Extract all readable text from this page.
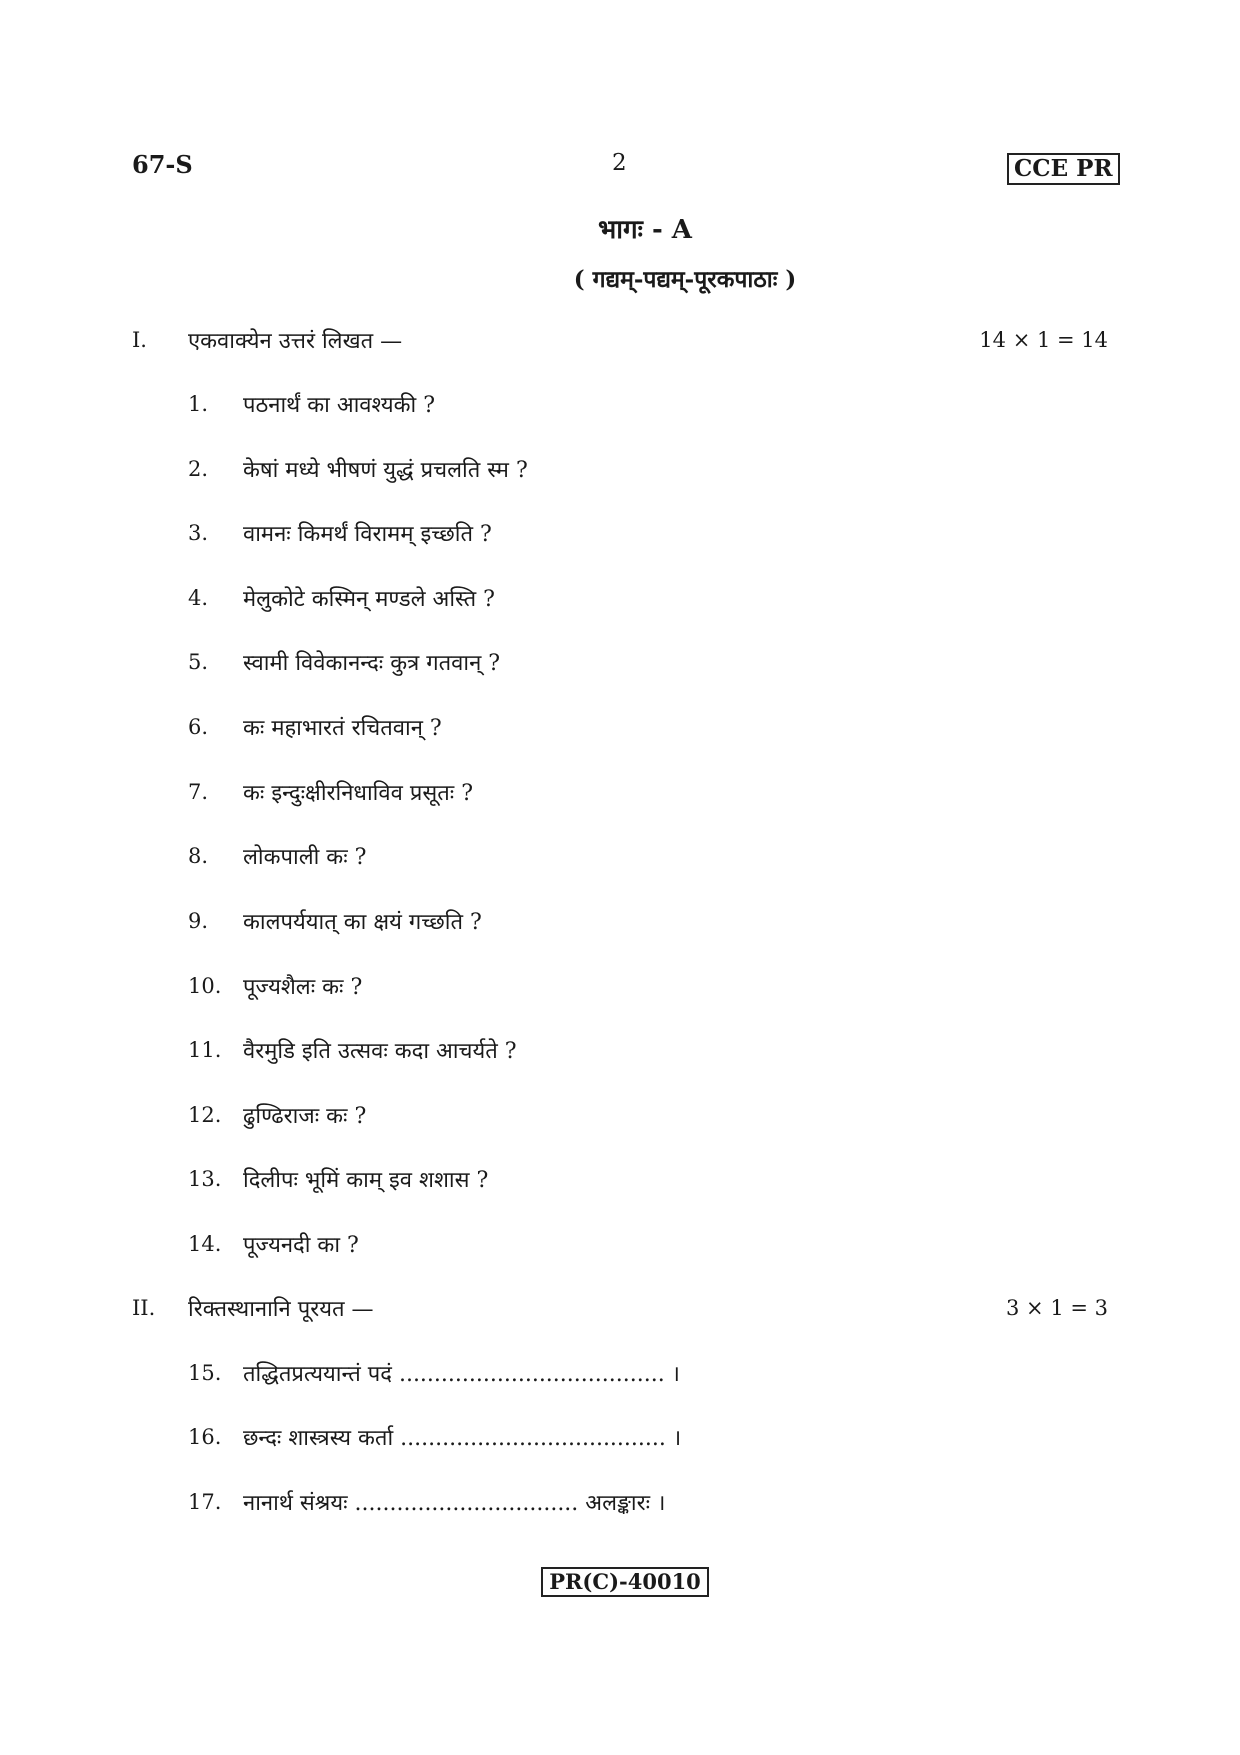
67-S	2	CCE PR
भागः - A
( गद्यम्-पद्यम्-पूरकपाठाः )
I. एकवाक्येन उत्तरं लिखत —	14 × 1 = 14
1.	पठनार्थं का आवश्यकी ?
2.	केषां मध्ये भीषणं युद्धं प्रचलति स्म ?
3.	वामनः किमर्थं विरामम् इच्छति ?
4.	मेलुकोटे कस्मिन् मण्डले अस्ति ?
5.	स्वामी विवेकानन्दः कुत्र गतवान् ?
6.	कः महाभारतं रचितवान् ?
7.	कः इन्दुःक्षीरनिधाविव प्रसूतः ?
8.	लोकपाली कः ?
9.	कालपर्ययात् का क्षयं गच्छति ?
10. पूज्यशैलः कः ?
11. वैरमुडि इति उत्सवः कदा आचर्यते ?
12. ढुण्ढिराजः कः ?
13. दिलीपः भूमिं काम् इव शशास ?
14. पूज्यनदी का ?
II. रिक्तस्थानानि पूरयत —	3 × 1 = 3
15. तद्धितप्रत्ययान्तं पदं ...................................... ।
16. छन्दः शास्त्रस्य कर्ता ...................................... ।
17. नानार्थ संश्रयः ................................ अलङ्कारः ।
PR(C)-40010
